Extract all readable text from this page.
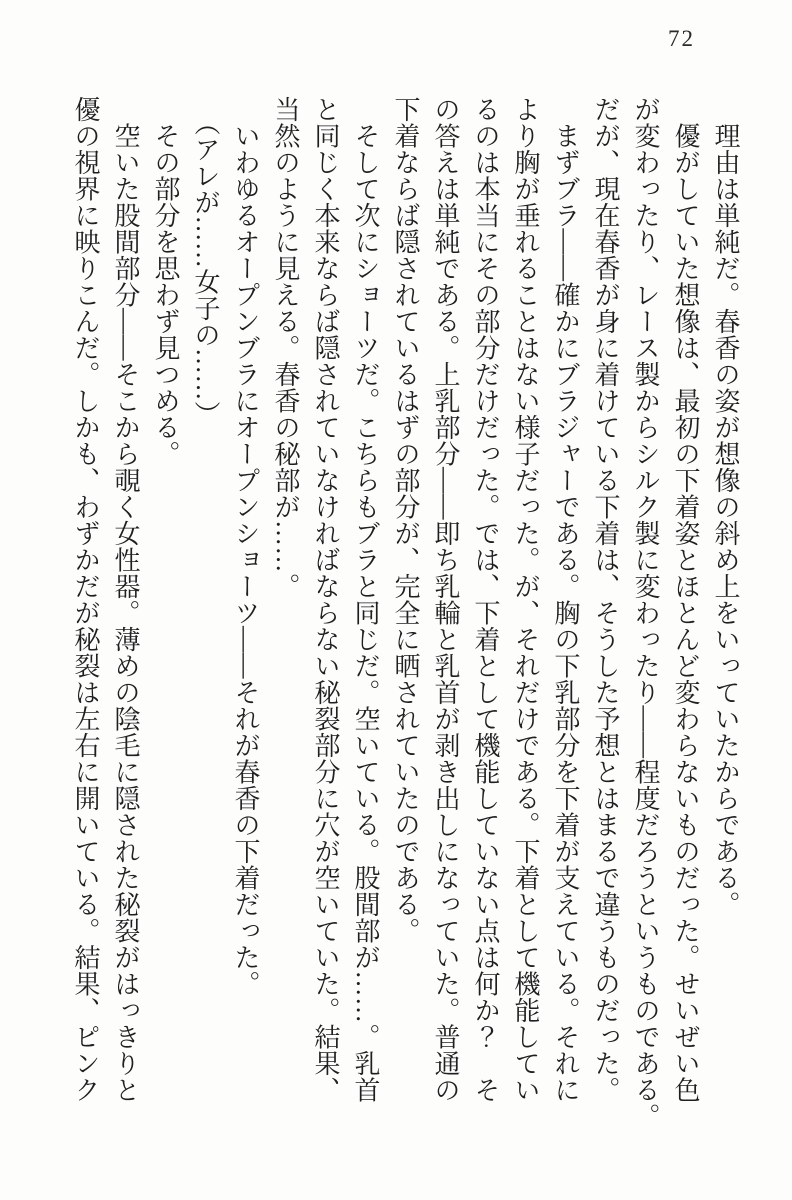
72

　理由は単純だ。春香の姿が想像の斜め上をいっていたからである。

　優がしていた想像は、最初の下着姿とほとんど変わらないものだった。せいぜい色

が変わったり、レース製からシルク製に変わったり――程度だろうというものである。

だが、現在春香が身に着けている下着は、そうした予想とはまるで違うものだった。

　まずブラ――確かにブラジャーである。胸の下乳部分を下着が支えている。それに

より胸が垂れることはない様子だった。が、それだけである。下着として機能してい

るのは本当にその部分だけだった。では、下着として機能していない点は何か？　そ

の答えは単純である。上乳部分――即ち乳輪と乳首が剥き出しになっていた。普通の

下着ならば隠されているはずの部分が、完全に晒されていたのである。

　そして次にショーツだ。こちらもブラと同じだ。空いている。股間部が……。乳首

と同じく本来ならば隠されていなければならない秘裂部分に穴が空いていた。結果、

当然のように見える。春香の秘部が……。

　いわゆるオープンブラにオープンショーツ――それが春香の下着だった。

　（アレが……女子の……）

　その部分を思わず見つめる。

　空いた股間部分――そこから覗く女性器。薄めの陰毛に隠された秘裂がはっきりと

優の視界に映りこんだ。しかも、わずかだが秘裂は左右に開いている。結果、ピンク
